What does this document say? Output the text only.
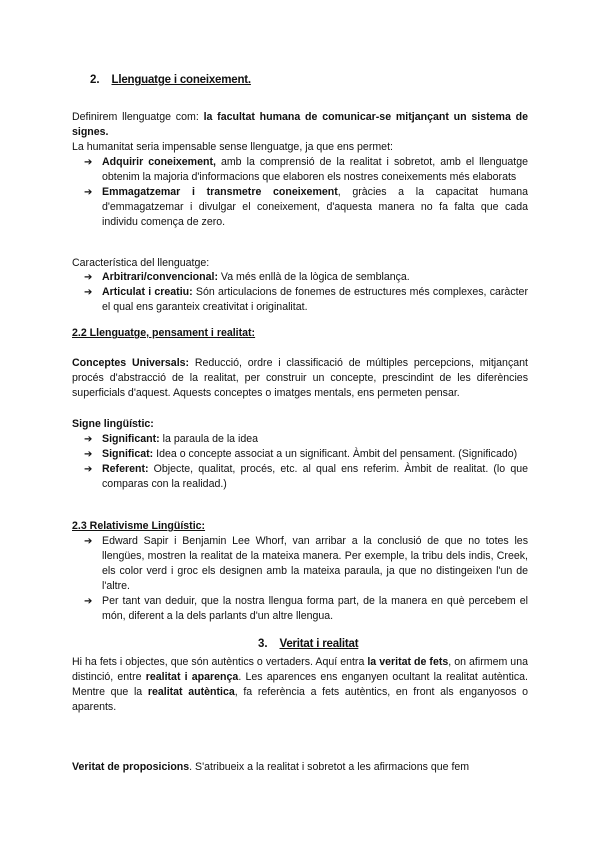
2. Llenguatge i coneixement.
Definirem llenguatge com: la facultat humana de comunicar-se mitjançant un sistema de signes.
La humanitat seria impensable sense llenguatge, ja que ens permet:
➔ Adquirir coneixement, amb la comprensió de la realitat i sobretot, amb el llenguatge obtenim la majoria d'informacions que elaboren els nostres coneixements més elaborats
➔ Emmagatzemar i transmetre coneixement, gràcies a la capacitat humana d'emmagatzemar i divulgar el coneixement, d'aquesta manera no fa falta que cada individu comença de zero.
Característica del llenguatge:
➔ Arbitrari/convencional: Va més enllà de la lògica de semblança.
➔ Articulat i creatiu: Són articulacions de fonemes de estructures més complexes, caràcter el qual ens garanteix creativitat i originalitat.
2.2 Llenguatge, pensament i realitat:
Conceptes Universals: Reducció, ordre i classificació de múltiples percepcions, mitjançant procés d'abstracció de la realitat, per construir un concepte, prescindint de les diferències superficials d'aquest. Aquests conceptes o imatges mentals, ens permeten pensar.
Signe lingüístic:
➔ Significant: la paraula de la idea
➔ Significat: Idea o concepte associat a un significant. Àmbit del pensament. (Significado)
➔ Referent: Objecte, qualitat, procés, etc. al qual ens referim. Àmbit de realitat. (lo que comparas con la realidad.)
2.3 Relativisme Lingüístic:
➔ Edward Sapir i Benjamin Lee Whorf, van arribar a la conclusió de que no totes les llengües, mostren la realitat de la mateixa manera. Per exemple, la tribu dels indis, Creek, els color verd i groc els designen amb la mateixa paraula, ja que no distingeixen l'un de l'altre.
➔ Per tant van deduir, que la nostra llengua forma part, de la manera en què percebem el món, diferent a la dels parlants d'un altre llengua.
3. Veritat i realitat
Hi ha fets i objectes, que són autèntics o vertaders. Aquí entra la veritat de fets, on afirmem una distinció, entre realitat i aparença. Les aparences ens enganyen ocultant la realitat autèntica. Mentre que la realitat autèntica, fa referència a fets autèntics, en front als enganyosos o aparents.
Veritat de proposicions. S'atribueix a la realitat i sobretot a les afirmacions que fem
